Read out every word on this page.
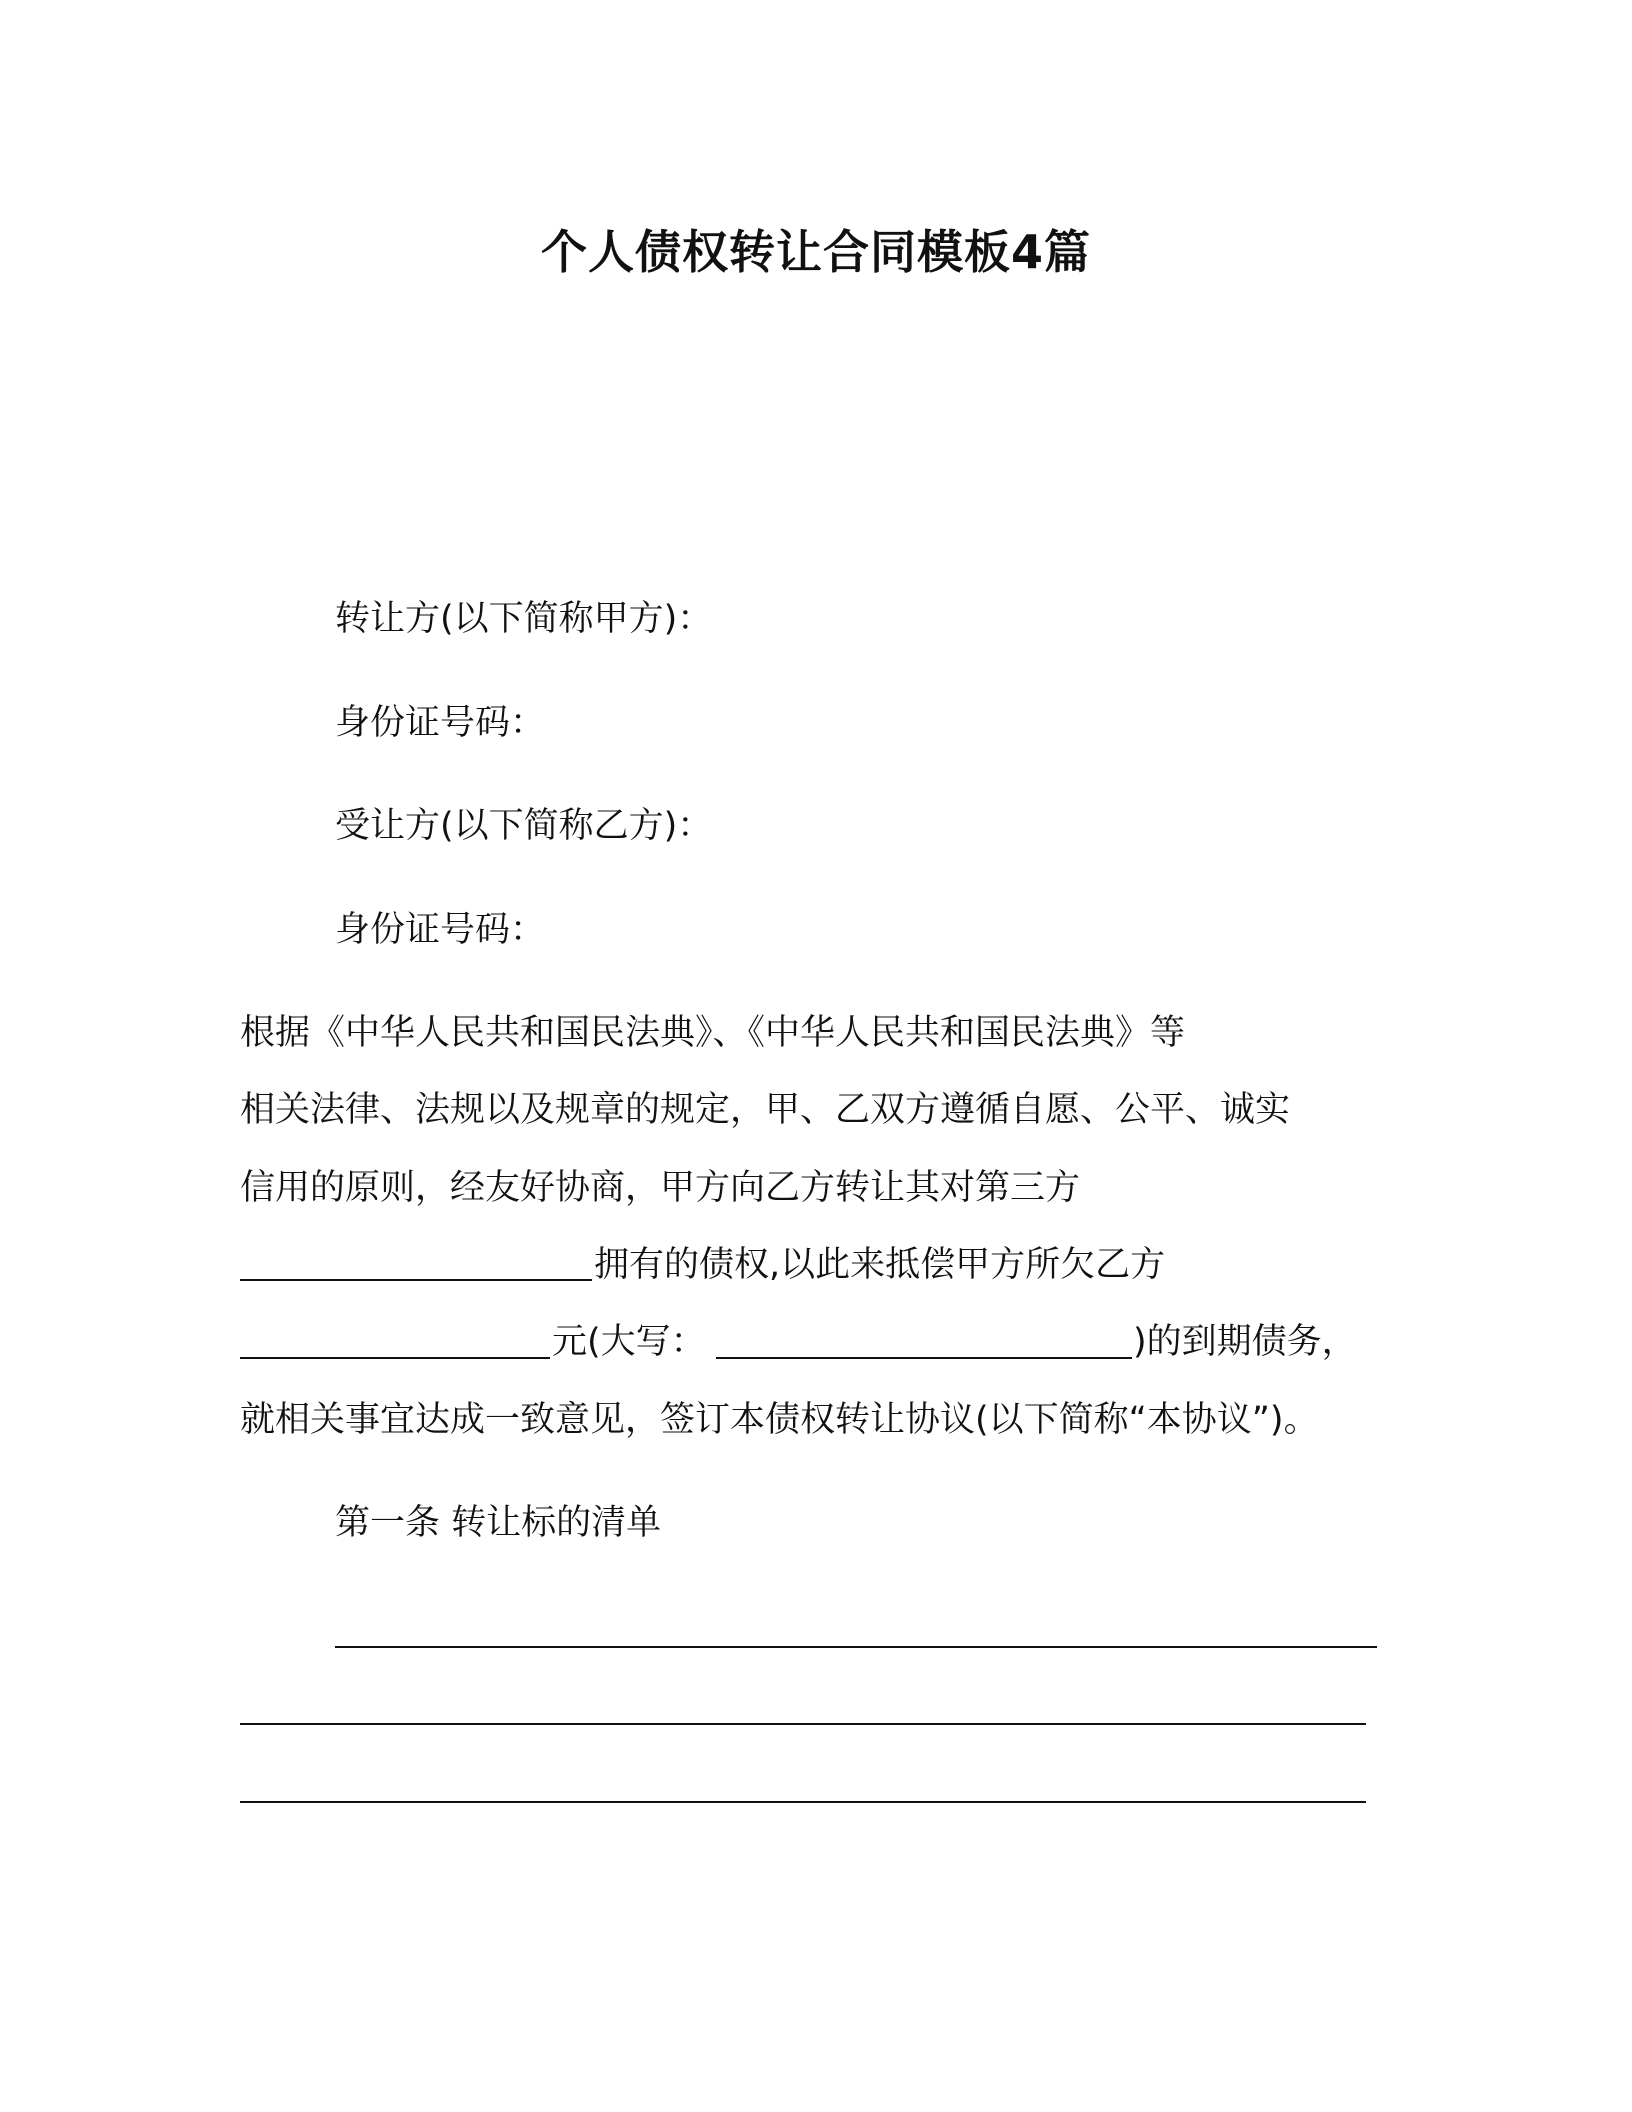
个人债权转让合同模板4篇
转让方(以下简称甲方)：
身份证号码：
受让方(以下简称乙方)：
身份证号码：
根据《中华人民共和国民法典》、《中华人民共和国民法典》等
相关法律、法规以及规章的规定，甲、乙双方遵循自愿、公平、诚实
信用的原则，经友好协商，甲方向乙方转让其对第三方
拥有的债权,以此来抵偿甲方所欠乙方
元(大写：	)的到期债务，
就相关事宜达成一致意见，签订本债权转让协议(以下简称“本协议”)。
第一条 转让标的清单
